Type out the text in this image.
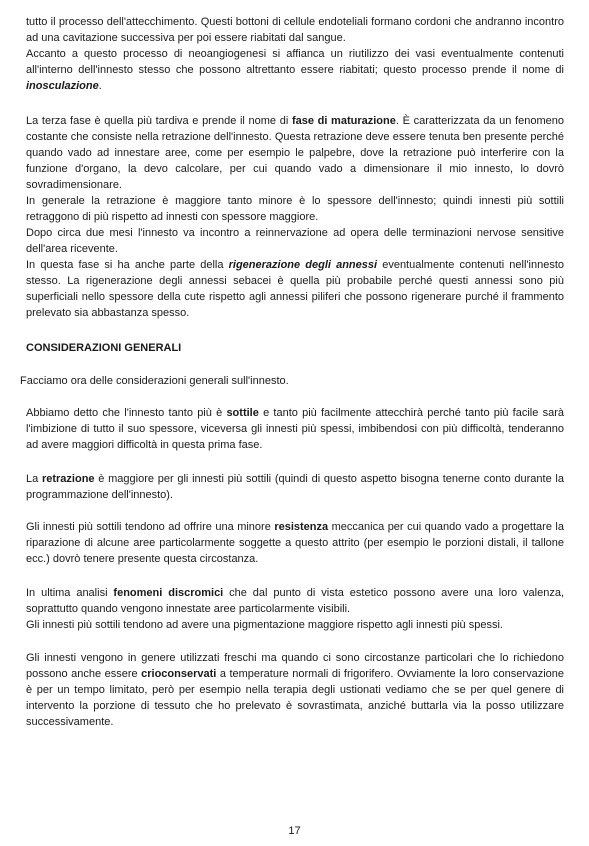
tutto il processo dell'attecchimento. Questi bottoni di cellule endoteliali formano cordoni che andranno incontro ad una cavitazione successiva per poi essere riabitati dal sangue.

Accanto a questo processo di neoangiogenesi si affianca un riutilizzo dei vasi eventualmente contenuti all'interno dell'innesto stesso che possono altrettanto essere riabitati; questo processo prende il nome di inosculazione.

La terza fase è quella più tardiva e prende il nome di fase di maturazione. È caratterizzata da un fenomeno costante che consiste nella retrazione dell'innesto. Questa retrazione deve essere tenuta ben presente perché quando vado ad innestare aree, come per esempio le palpebre, dove la retrazione può interferire con la funzione d'organo, la devo calcolare, per cui quando vado a dimensionare il mio innesto, lo dovrò sovradimensionare.

In generale la retrazione è maggiore tanto minore è lo spessore dell'innesto; quindi innesti più sottili retraggono di più rispetto ad innesti con spessore maggiore.

Dopo circa due mesi l'innesto va incontro a reinnervazione ad opera delle terminazioni nervose sensitive dell'area ricevente.

In questa fase si ha anche parte della rigenerazione degli annessi eventualmente contenuti nell'innesto stesso. La rigenerazione degli annessi sebacei è quella più probabile perché questi annessi sono più superficiali nello spessore della cute rispetto agli annessi piliferi che possono rigenerare purché il frammento prelevato sia abbastanza spesso.

CONSIDERAZIONI GENERALI

Facciamo ora delle considerazioni generali sull'innesto.

Abbiamo detto che l'innesto tanto più è sottile e tanto più facilmente attecchirà perché tanto più facile sarà l'imbizione di tutto il suo spessore, viceversa gli innesti più spessi, imbibendosi con più difficoltà, tenderanno ad avere maggiori difficoltà in questa prima fase.

La retrazione è maggiore per gli innesti più sottili (quindi di questo aspetto bisogna tenerne conto durante la programmazione dell'innesto).

Gli innesti più sottili tendono ad offrire una minore resistenza meccanica per cui quando vado a progettare la riparazione di alcune aree particolarmente soggette a questo attrito (per esempio le porzioni distali, il tallone ecc.) dovrò tenere presente questa circostanza.

In ultima analisi fenomeni discromici che dal punto di vista estetico possono avere una loro valenza, soprattutto quando vengono innestate aree particolarmente visibili.

Gli innesti più sottili tendono ad avere una pigmentazione maggiore rispetto agli innesti più spessi.

Gli innesti vengono in genere utilizzati freschi ma quando ci sono circostanze particolari che lo richiedono possono anche essere crioconservati a temperature normali di frigorifero. Ovviamente la loro conservazione è per un tempo limitato, però per esempio nella terapia degli ustionati vediamo che se per quel genere di intervento la porzione di tessuto che ho prelevato è sovrastimata, anziché buttarla via la posso utilizzare successivamente.

17
